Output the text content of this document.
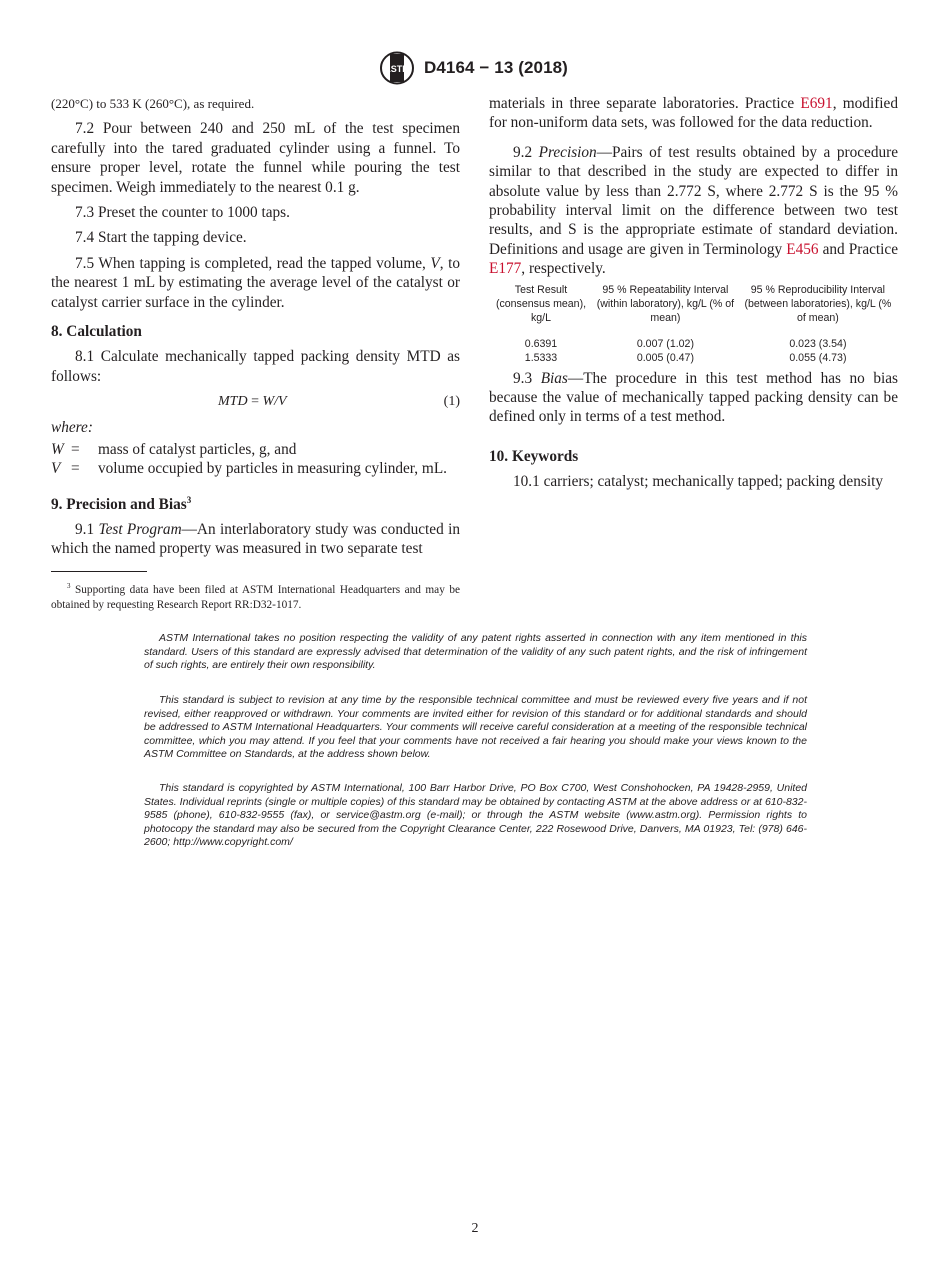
ASTM D4164 − 13 (2018)

(220°C) to 533 K (260°C), as required.

7.2 Pour between 240 and 250 mL of the test specimen carefully into the tared graduated cylinder using a funnel. To ensure proper level, rotate the funnel while pouring the test specimen. Weigh immediately to the nearest 0.1 g.

7.3 Preset the counter to 1000 taps.

7.4 Start the tapping device.

7.5 When tapping is completed, read the tapped volume, V, to the nearest 1 mL by estimating the average level of the catalyst or catalyst carrier surface in the cylinder.

8. Calculation

8.1 Calculate mechanically tapped packing density MTD as follows:

MTD = W/V	(1)

where:

W =	mass of catalyst particles, g, and
V =	volume occupied by particles in measuring cylinder, mL.

9. Precision and Bias$^3$

9.1 Test Program—An interlaboratory study was conducted in which the named property was measured in two separate test

$^3$ Supporting data have been filed at ASTM International Headquarters and may be obtained by requesting Research Report RR:D32-1017.

materials in three separate laboratories. Practice E691, modified for non-uniform data sets, was followed for the data reduction.

9.2 Precision—Pairs of test results obtained by a procedure similar to that described in the study are expected to differ in absolute value by less than 2.772 S, where 2.772 S is the 95 % probability interval limit on the difference between two test results, and S is the appropriate estimate of standard deviation. Definitions and usage are given in Terminology E456 and Practice E177, respectively.

Test Result (consensus mean), kg/L	95 % Repeatability Interval (within laboratory), kg/L (% of mean)	95 % Reproducibility Interval (between laboratories), kg/L (% of mean)
0.6391	0.007 (1.02)	0.023 (3.54)
1.5333	0.005 (0.47)	0.055 (4.73)

9.3 Bias—The procedure in this test method has no bias because the value of mechanically tapped packing density can be defined only in terms of a test method.

10. Keywords

10.1 carriers; catalyst; mechanically tapped; packing density

ASTM International takes no position respecting the validity of any patent rights asserted in connection with any item mentioned in this standard. Users of this standard are expressly advised that determination of the validity of any such patent rights, and the risk of infringement of such rights, are entirely their own responsibility.

This standard is subject to revision at any time by the responsible technical committee and must be reviewed every five years and if not revised, either reapproved or withdrawn. Your comments are invited either for revision of this standard or for additional standards and should be addressed to ASTM International Headquarters. Your comments will receive careful consideration at a meeting of the responsible technical committee, which you may attend. If you feel that your comments have not received a fair hearing you should make your views known to the ASTM Committee on Standards, at the address shown below.

This standard is copyrighted by ASTM International, 100 Barr Harbor Drive, PO Box C700, West Conshohocken, PA 19428-2959, United States. Individual reprints (single or multiple copies) of this standard may be obtained by contacting ASTM at the above address or at 610-832-9585 (phone), 610-832-9555 (fax), or service@astm.org (e-mail); or through the ASTM website (www.astm.org). Permission rights to photocopy the standard may also be secured from the Copyright Clearance Center, 222 Rosewood Drive, Danvers, MA 01923, Tel: (978) 646-2600; http://www.copyright.com/

2
